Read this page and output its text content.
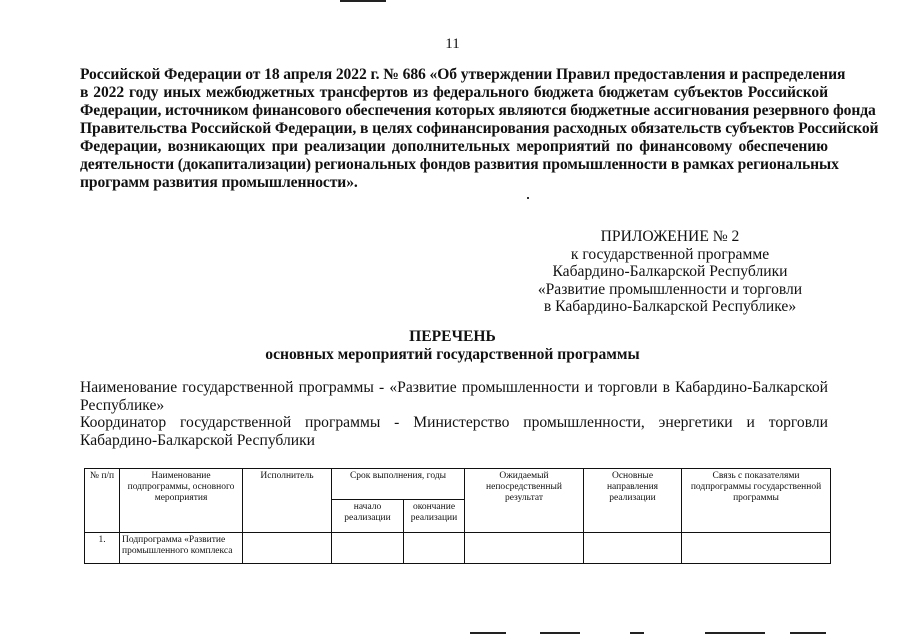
11
Российской Федерации от 18 апреля 2022 г. № 686 «Об утверждении Правил предоставления и распределения
в 2022 году иных межбюджетных трансфертов из федерального бюджета бюджетам субъектов Российской
Федерации, источником финансового обеспечения которых являются бюджетные ассигнования резервного фонда
Правительства Российской Федерации, в целях софинансирования расходных обязательств субъектов Российской
Федерации, возникающих при реализации дополнительных мероприятий по финансовому обеспечению
деятельности (докапитализации) региональных фондов развития промышленности в рамках региональных
программ развития промышленности».
ПРИЛОЖЕНИЕ № 2
к государственной программе
Кабардино-Балкарской Республики
«Развитие промышленности и торговли
в Кабардино-Балкарской Республике»
ПЕРЕЧЕНЬ
основных мероприятий государственной программы
Наименование государственной программы - «Развитие промышленности и торговли в Кабардино-Балкарской
Республике»
Координатор государственной программы - Министерство промышленности, энергетики и торговли
Кабардино-Балкарской Республики
№ п/п	Наименование подпрограммы, основного мероприятия	Исполнитель	Срок выполнения, годы		Ожидаемый непосредственный результат	Основные направления реализации	Связь с показателями подпрограммы государственной программы
			начало реализации	окончание реализации			
1.	Подпрограмма «Развитие промышленного комплекса						
